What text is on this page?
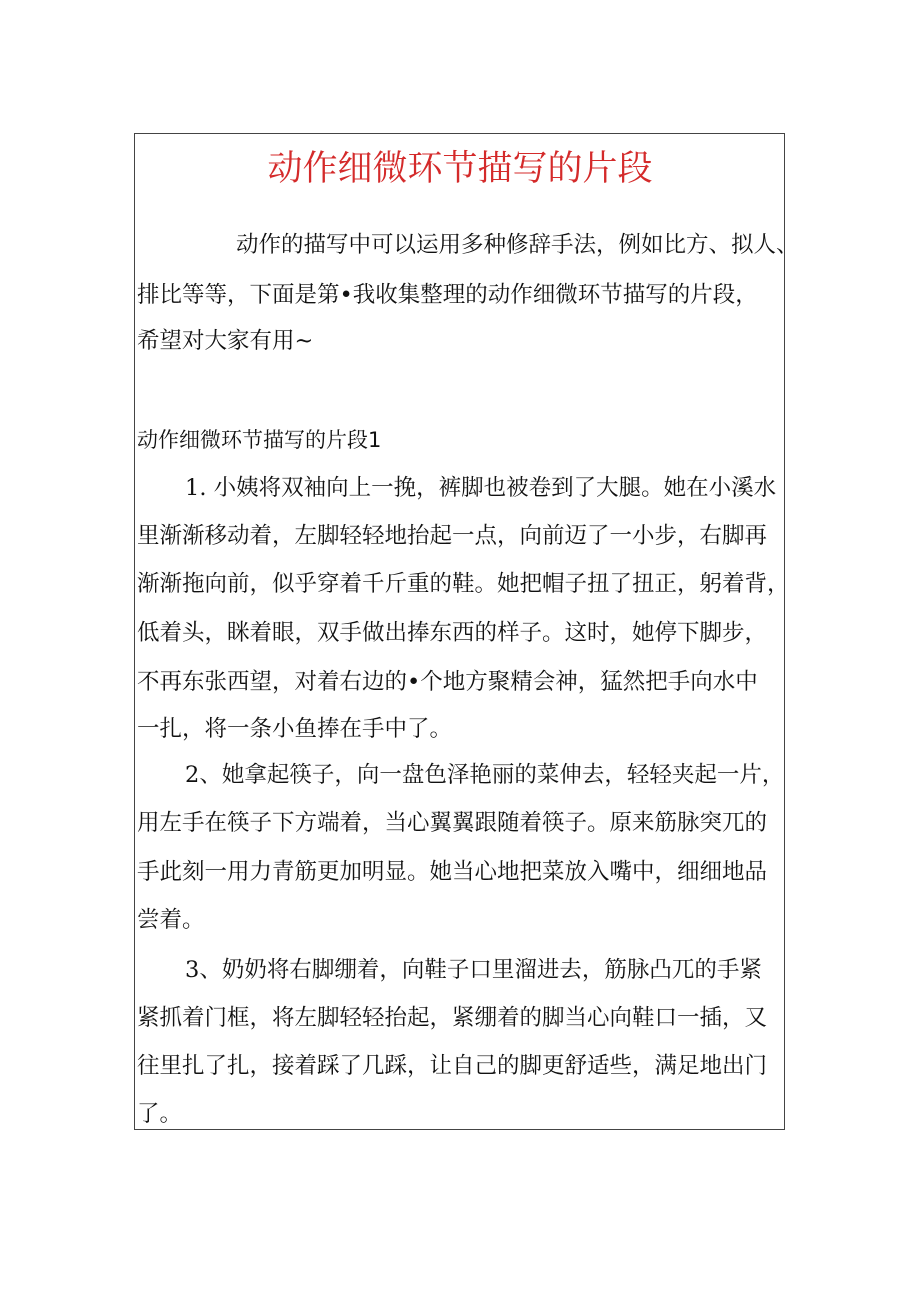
动作细微环节描写的片段
动作的描写中可以运用多种修辞手法，例如比方、拟人、
排比等等，下面是第•我收集整理的动作细微环节描写的片段，
希望对大家有用~
动作细微环节描写的片段1
1. 小姨将双袖向上一挽，裤脚也被卷到了大腿。她在小溪水
里渐渐移动着，左脚轻轻地抬起一点，向前迈了一小步，右脚再
渐渐拖向前，似乎穿着千斤重的鞋。她把帽子扭了扭正，躬着背，
低着头，眯着眼，双手做出捧东西的样子。这时，她停下脚步，
不再东张西望，对着右边的•个地方聚精会神，猛然把手向水中
一扎，将一条小鱼捧在手中了。
2、她拿起筷子，向一盘色泽艳丽的菜伸去，轻轻夹起一片，
用左手在筷子下方端着，当心翼翼跟随着筷子。原来筋脉突兀的
手此刻一用力青筋更加明显。她当心地把菜放入嘴中，细细地品
尝着。
3、奶奶将右脚绷着，向鞋子口里溜进去，筋脉凸兀的手紧
紧抓着门框，将左脚轻轻抬起，紧绷着的脚当心向鞋口一插，又
往里扎了扎，接着踩了几踩，让自己的脚更舒适些，满足地出门
了。
